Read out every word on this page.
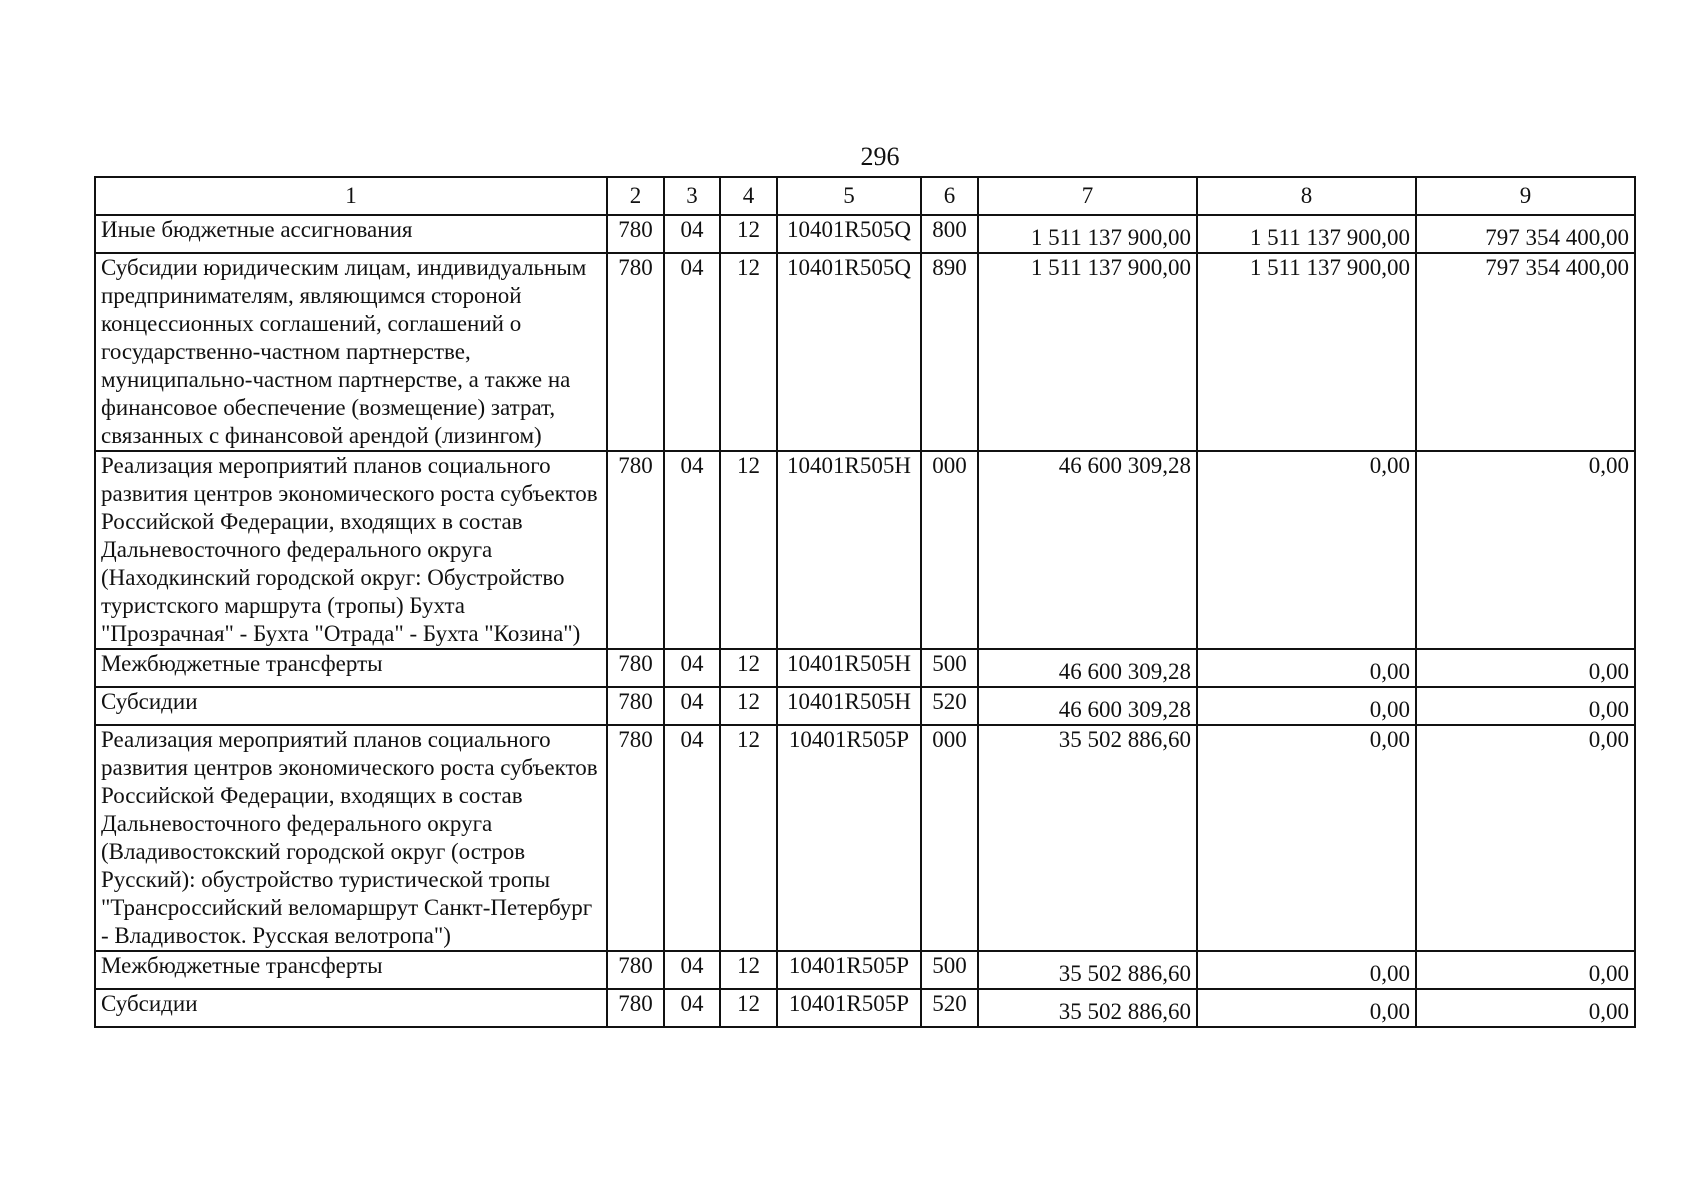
296
1	2	3	4	5	6	7	8	9
Иные бюджетные ассигнования	780	04	12	10401R505Q	800	1 511 137 900,00	1 511 137 900,00	797 354 400,00
Субсидии юридическим лицам, индивидуальным предпринимателям, являющимся стороной концессионных соглашений, соглашений о государственно-частном партнерстве, муниципально-частном партнерстве, а также на финансовое обеспечение (возмещение) затрат, связанных с финансовой арендой (лизингом)	780	04	12	10401R505Q	890	1 511 137 900,00	1 511 137 900,00	797 354 400,00
Реализация мероприятий планов социального развития центров экономического роста субъектов Российской Федерации, входящих в состав Дальневосточного федерального округа (Находкинский городской округ: Обустройство туристского маршрута (тропы) Бухта "Прозрачная" - Бухта "Отрада" - Бухта "Козина")	780	04	12	10401R505H	000	46 600 309,28	0,00	0,00
Межбюджетные трансферты	780	04	12	10401R505H	500	46 600 309,28	0,00	0,00
Субсидии	780	04	12	10401R505H	520	46 600 309,28	0,00	0,00
Реализация мероприятий планов социального развития центров экономического роста субъектов Российской Федерации, входящих в состав Дальневосточного федерального округа (Владивостокский городской округ (остров Русский): обустройство туристической тропы "Трансроссийский веломаршрут Санкт-Петербург - Владивосток. Русская велотропа")	780	04	12	10401R505P	000	35 502 886,60	0,00	0,00
Межбюджетные трансферты	780	04	12	10401R505P	500	35 502 886,60	0,00	0,00
Субсидии	780	04	12	10401R505P	520	35 502 886,60	0,00	0,00
